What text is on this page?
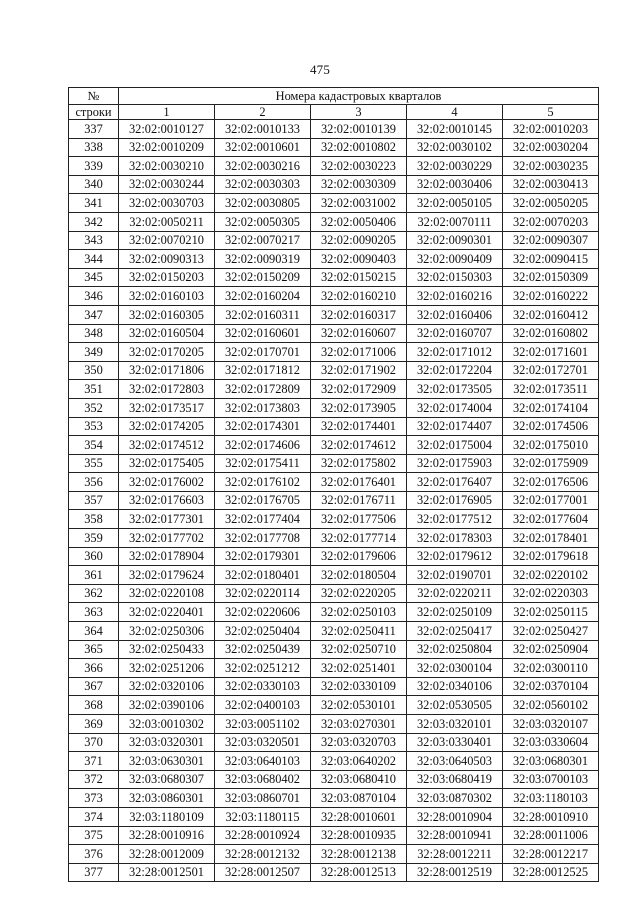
475
№	Номера кадастровых кварталов				
строки	1	2	3	4	5
337	32:02:0010127	32:02:0010133	32:02:0010139	32:02:0010145	32:02:0010203
338	32:02:0010209	32:02:0010601	32:02:0010802	32:02:0030102	32:02:0030204
339	32:02:0030210	32:02:0030216	32:02:0030223	32:02:0030229	32:02:0030235
340	32:02:0030244	32:02:0030303	32:02:0030309	32:02:0030406	32:02:0030413
341	32:02:0030703	32:02:0030805	32:02:0031002	32:02:0050105	32:02:0050205
342	32:02:0050211	32:02:0050305	32:02:0050406	32:02:0070111	32:02:0070203
343	32:02:0070210	32:02:0070217	32:02:0090205	32:02:0090301	32:02:0090307
344	32:02:0090313	32:02:0090319	32:02:0090403	32:02:0090409	32:02:0090415
345	32:02:0150203	32:02:0150209	32:02:0150215	32:02:0150303	32:02:0150309
346	32:02:0160103	32:02:0160204	32:02:0160210	32:02:0160216	32:02:0160222
347	32:02:0160305	32:02:0160311	32:02:0160317	32:02:0160406	32:02:0160412
348	32:02:0160504	32:02:0160601	32:02:0160607	32:02:0160707	32:02:0160802
349	32:02:0170205	32:02:0170701	32:02:0171006	32:02:0171012	32:02:0171601
350	32:02:0171806	32:02:0171812	32:02:0171902	32:02:0172204	32:02:0172701
351	32:02:0172803	32:02:0172809	32:02:0172909	32:02:0173505	32:02:0173511
352	32:02:0173517	32:02:0173803	32:02:0173905	32:02:0174004	32:02:0174104
353	32:02:0174205	32:02:0174301	32:02:0174401	32:02:0174407	32:02:0174506
354	32:02:0174512	32:02:0174606	32:02:0174612	32:02:0175004	32:02:0175010
355	32:02:0175405	32:02:0175411	32:02:0175802	32:02:0175903	32:02:0175909
356	32:02:0176002	32:02:0176102	32:02:0176401	32:02:0176407	32:02:0176506
357	32:02:0176603	32:02:0176705	32:02:0176711	32:02:0176905	32:02:0177001
358	32:02:0177301	32:02:0177404	32:02:0177506	32:02:0177512	32:02:0177604
359	32:02:0177702	32:02:0177708	32:02:0177714	32:02:0178303	32:02:0178401
360	32:02:0178904	32:02:0179301	32:02:0179606	32:02:0179612	32:02:0179618
361	32:02:0179624	32:02:0180401	32:02:0180504	32:02:0190701	32:02:0220102
362	32:02:0220108	32:02:0220114	32:02:0220205	32:02:0220211	32:02:0220303
363	32:02:0220401	32:02:0220606	32:02:0250103	32:02:0250109	32:02:0250115
364	32:02:0250306	32:02:0250404	32:02:0250411	32:02:0250417	32:02:0250427
365	32:02:0250433	32:02:0250439	32:02:0250710	32:02:0250804	32:02:0250904
366	32:02:0251206	32:02:0251212	32:02:0251401	32:02:0300104	32:02:0300110
367	32:02:0320106	32:02:0330103	32:02:0330109	32:02:0340106	32:02:0370104
368	32:02:0390106	32:02:0400103	32:02:0530101	32:02:0530505	32:02:0560102
369	32:03:0010302	32:03:0051102	32:03:0270301	32:03:0320101	32:03:0320107
370	32:03:0320301	32:03:0320501	32:03:0320703	32:03:0330401	32:03:0330604
371	32:03:0630301	32:03:0640103	32:03:0640202	32:03:0640503	32:03:0680301
372	32:03:0680307	32:03:0680402	32:03:0680410	32:03:0680419	32:03:0700103
373	32:03:0860301	32:03:0860701	32:03:0870104	32:03:0870302	32:03:1180103
374	32:03:1180109	32:03:1180115	32:28:0010601	32:28:0010904	32:28:0010910
375	32:28:0010916	32:28:0010924	32:28:0010935	32:28:0010941	32:28:0011006
376	32:28:0012009	32:28:0012132	32:28:0012138	32:28:0012211	32:28:0012217
377	32:28:0012501	32:28:0012507	32:28:0012513	32:28:0012519	32:28:0012525
